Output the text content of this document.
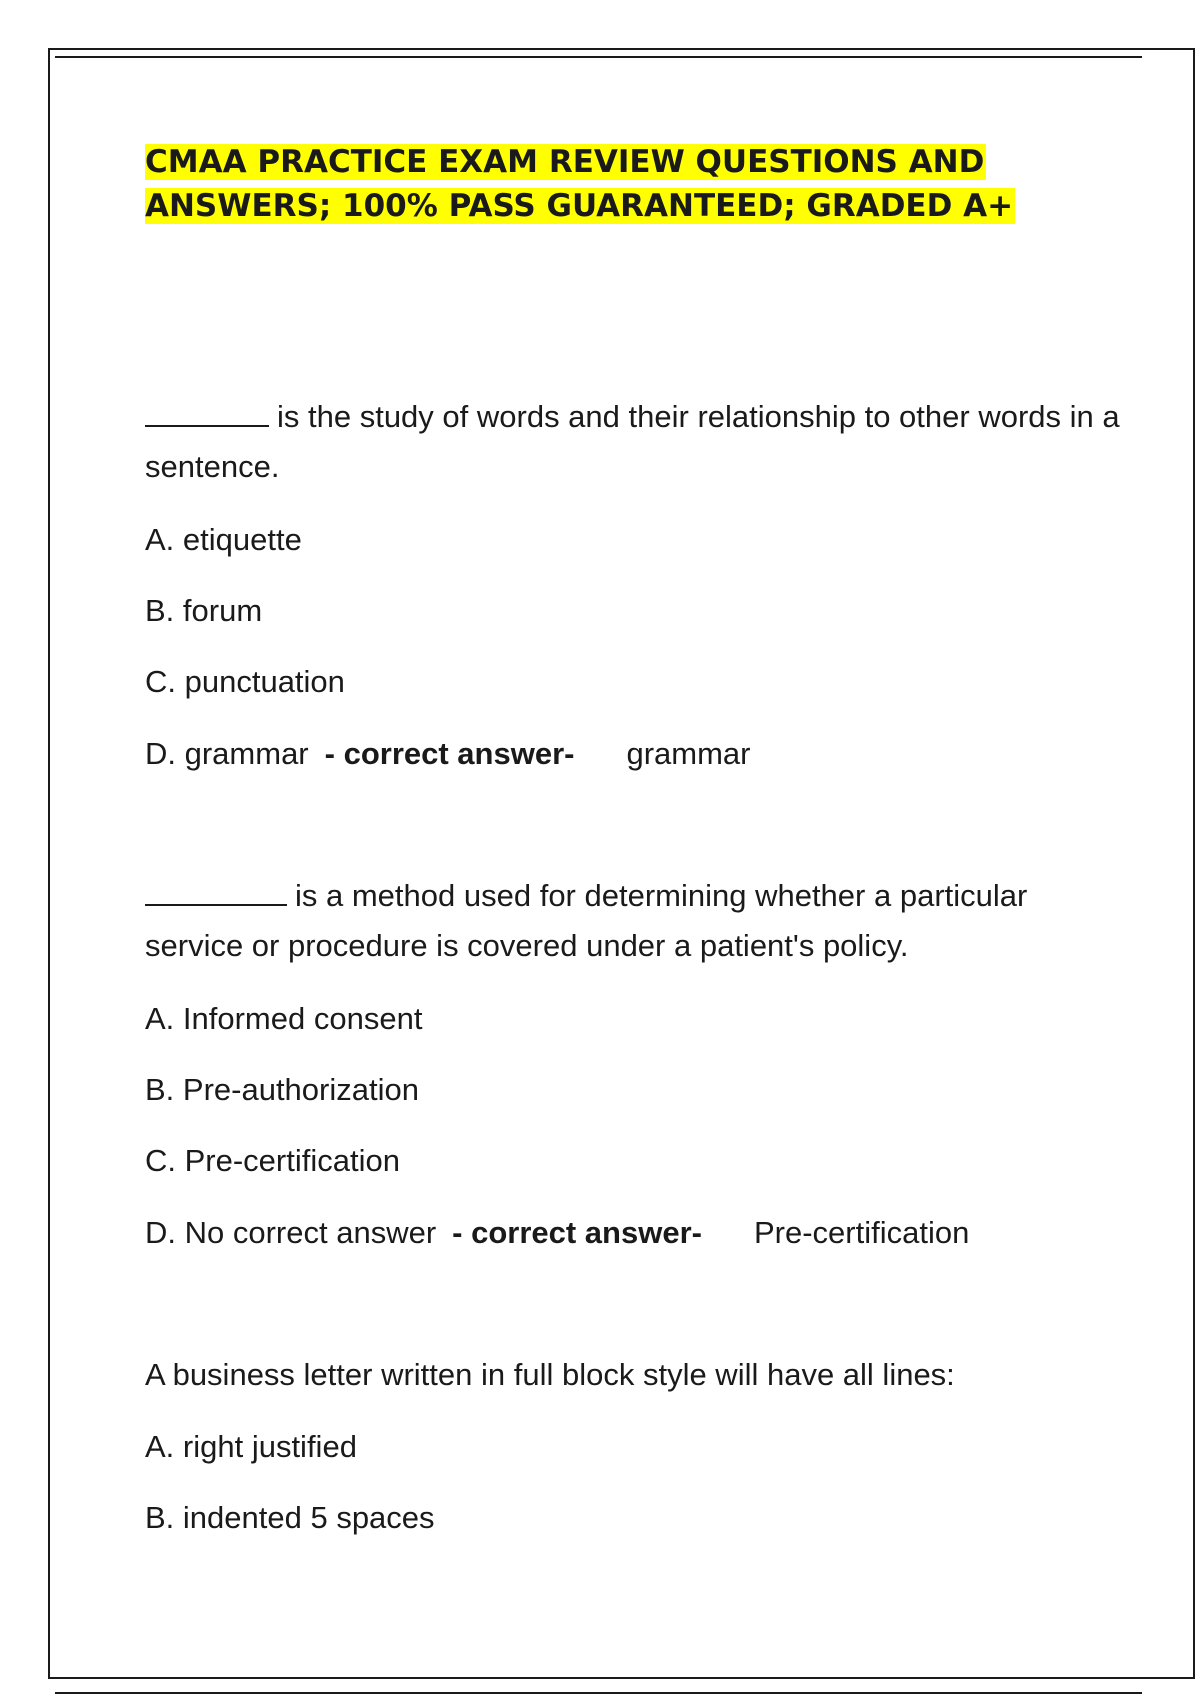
CMAA PRACTICE EXAM REVIEW QUESTIONS AND
ANSWERS; 100% PASS GUARANTEED; GRADED A+

is the study of words and their relationship to other words in a sentence.

A. etiquette

B. forum

C. punctuation

D. grammar - correct answer- grammar

is a method used for determining whether a particular service or procedure is covered under a patient's policy.

A. Informed consent

B. Pre-authorization

C. Pre-certification

D. No correct answer - correct answer- Pre-certification

A business letter written in full block style will have all lines:

A. right justified

B. indented 5 spaces
